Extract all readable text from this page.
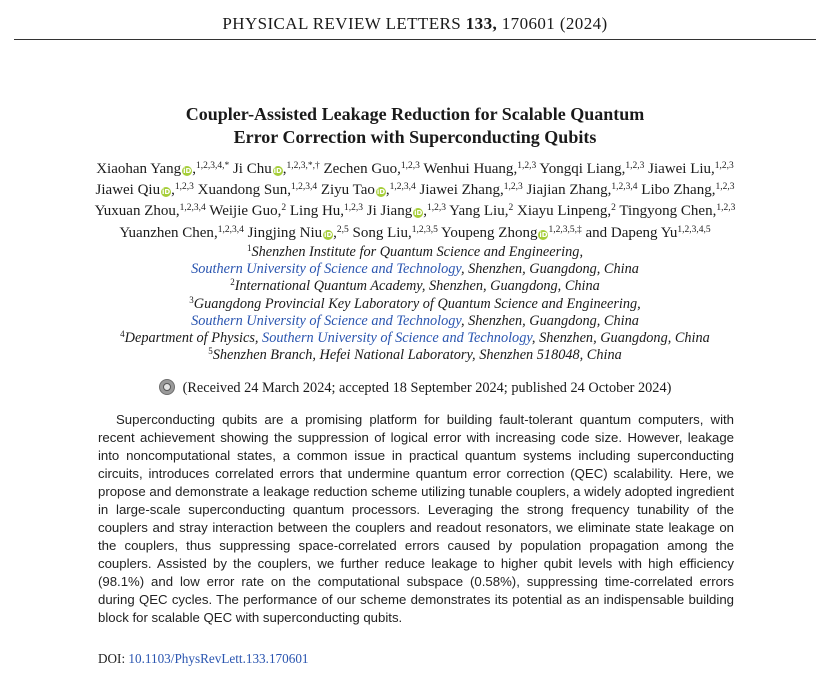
PHYSICAL REVIEW LETTERS 133, 170601 (2024)
Coupler-Assisted Leakage Reduction for Scalable Quantum
Error Correction with Superconducting Qubits
Xiaohan Yang iD,$^{1,2,3,4,*}$ Ji Chu iD,$^{1,2,3,*,\dagger}$ Zechen Guo,$^{1,2,3}$ Wenhui Huang,$^{1,2,3}$ Yongqi Liang,$^{1,2,3}$ Jiawei Liu,$^{1,2,3}$
Jiawei Qiu iD,$^{1,2,3}$ Xuandong Sun,$^{1,2,3,4}$ Ziyu Tao iD,$^{1,2,3,4}$ Jiawei Zhang,$^{1,2,3}$ Jiajian Zhang,$^{1,2,3,4}$ Libo Zhang,$^{1,2,3}$
Yuxuan Zhou,$^{1,2,3,4}$ Weijie Guo,$^2$ Ling Hu,$^{1,2,3}$ Ji Jiang iD,$^{1,2,3}$ Yang Liu,$^2$ Xiayu Linpeng,$^2$ Tingyong Chen,$^{1,2,3}$
Yuanzhen Chen,$^{1,2,3,4}$ Jingjing Niu iD,$^{2,5}$ Song Liu,$^{1,2,3,5}$ Youpeng Zhong $iD^{1,2,3,5,\ddagger}$ and Dapeng Yu$^{1,2,3,4,5}$
$^1$Shenzhen Institute for Quantum Science and Engineering,
Southern University of Science and Technology, Shenzhen, Guangdong, China
$^2$International Quantum Academy, Shenzhen, Guangdong, China
$^3$Guangdong Provincial Key Laboratory of Quantum Science and Engineering,
Southern University of Science and Technology, Shenzhen, Guangdong, China
$^4$Department of Physics, Southern University of Science and Technology, Shenzhen, Guangdong, China
$^5$Shenzhen Branch, Hefei National Laboratory, Shenzhen 518048, China
(Received 24 March 2024; accepted 18 September 2024; published 24 October 2024)
Superconducting qubits are a promising platform for building fault-tolerant quantum computers, with recent achievement showing the suppression of logical error with increasing code size. However, leakage into noncomputational states, a common issue in practical quantum systems including superconducting circuits, introduces correlated errors that undermine quantum error correction (QEC) scalability. Here, we propose and demonstrate a leakage reduction scheme utilizing tunable couplers, a widely adopted ingredient in large-scale superconducting quantum processors. Leveraging the strong frequency tunability of the couplers and stray interaction between the couplers and readout resonators, we eliminate state leakage on the couplers, thus suppressing space-correlated errors caused by population propagation among the couplers. Assisted by the couplers, we further reduce leakage to higher qubit levels with high efficiency (98.1%) and low error rate on the computational subspace (0.58%), suppressing time-correlated errors during QEC cycles. The performance of our scheme demonstrates its potential as an indispensable building block for scalable QEC with superconducting qubits.
DOI: 10.1103/PhysRevLett.133.170601
